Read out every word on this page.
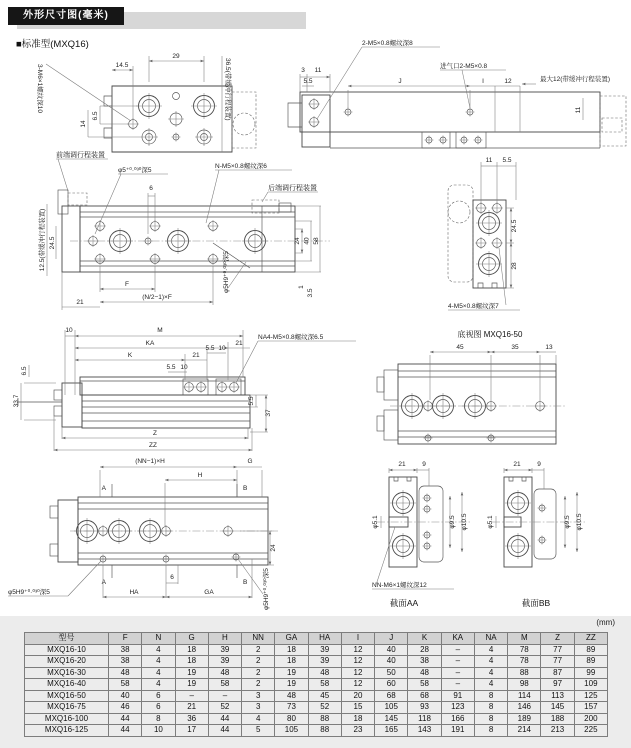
外形尺寸图(毫米)
■标准型(MXQ16)
29
14.5
6.5
14
36.5(带缓冲行程装置)
3-M6×1螺纹深10	3 11
5.5	J	I	12	最大12(带缓冲行程装置)
11
2-M5×0.8螺纹深8
进气口2-M5×0.8
前端调行程装置
后端调行程装置
φ5⁺⁰·⁰³⁰深5
N-M5×0.8螺纹深6
6
24 40 58
1
3.5
F
(N/2−1)×F
21
φ5H9⁺⁰·⁰³⁰深5
24.5
12.5(带缓冲行程装置)
11 5.5
24.5
28
4-M5×0.8螺纹深7
10	M
KA	21
K	21
5.5 10
5.5 10
NA4-M5×0.8螺纹深6.5
5.5
37
Z
ZZ
6.5
33.7
底视图 MXQ16-50
45	35	13
(NN−1)×H	G
H
A	B
A
6
B
24
HA	GA
φ5H9⁺⁰·⁰³⁰深5	φ5H9⁺⁰·⁰³⁰深5
21	9
φ5.1	φ9.5 φ10.5
NN-M6×1螺纹深12
截面AA
21	9
φ5.1	φ9.5 φ10.5
截面BB
(mm)
型号	F	N	G	H	NN	GA	HA	I	J	K	KA	NA	M	Z	ZZ
MXQ16-10	38	4	18	39	2	18	39	12	40	28	–	4	78	77	89
MXQ16-20	38	4	18	39	2	18	39	12	40	38	–	4	78	77	89
MXQ16-30	48	4	19	48	2	19	48	12	50	48	–	4	88	87	99
MXQ16-40	58	4	19	58	2	19	58	12	60	58	–	4	98	97	109
MXQ16-50	40	6	–	–	3	48	45	20	68	68	91	8	114	113	125
MXQ16-75	46	6	21	52	3	73	52	15	105	93	123	8	146	145	157
MXQ16-100	44	8	36	44	4	80	88	18	145	118	166	8	189	188	200
MXQ16-125	44	10	17	44	5	105	88	23	165	143	191	8	214	213	225
